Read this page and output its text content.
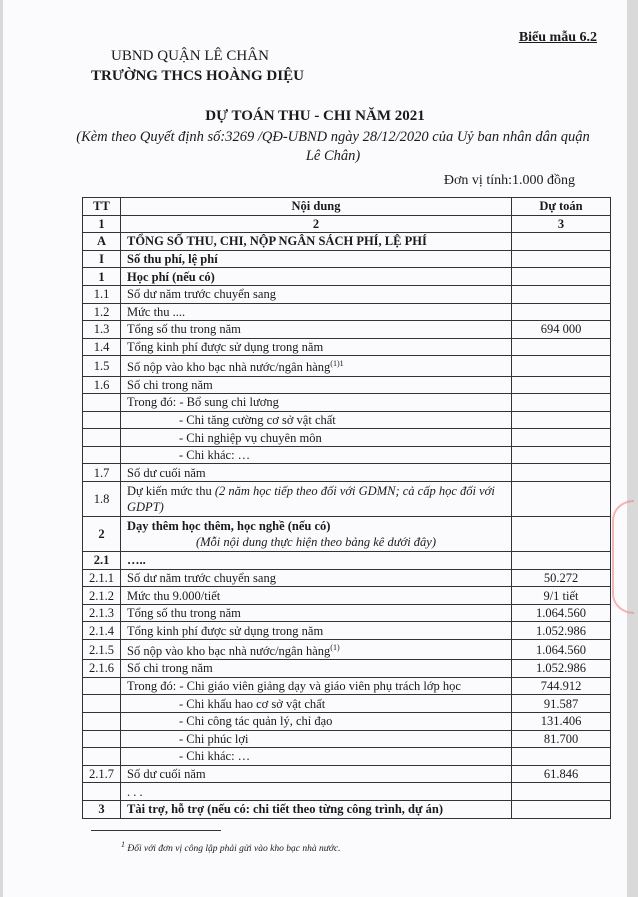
Biểu mẫu 6.2
UBND QUẬN LÊ CHÂN
TRƯỜNG THCS HOÀNG DIỆU
DỰ TOÁN THU - CHI NĂM 2021
(Kèm theo Quyết định số:3269 /QĐ-UBND ngày 28/12/2020 của Uỷ ban nhân dân quận Lê Chân)
Đơn vị tính:1.000 đồng
TT	Nội dung	Dự toán
1	2	3
A	TỔNG SỐ THU, CHI, NỘP NGÂN SÁCH PHÍ, LỆ PHÍ	
I	Số thu phí, lệ phí	
1	Học phí (nếu có)	
1.1	Số dư năm trước chuyển sang	
1.2	Mức thu ....	
1.3	Tổng số thu trong năm	694 000
1.4	Tổng kinh phí được sử dụng trong năm	
1.5	Số nộp vào kho bạc nhà nước/ngân hàng$^{(1)1}$	
1.6	Số chi trong năm	
	Trong đó: - Bổ sung chi lương	
	- Chi tăng cường cơ sở vật chất	
	- Chi nghiệp vụ chuyên môn	
	- Chi khác: …	
1.7	Số dư cuối năm	
1.8	Dự kiến mức thu (2 năm học tiếp theo đối với GDMN; cả cấp học đối với GDPT)	
2	Dạy thêm học thêm, học nghề (nếu có)
(Mỗi nội dung thực hiện theo bảng kê dưới đây)	

2.1	…..	
2.1.1	Số dư năm trước chuyển sang	50.272
2.1.2	Mức thu 9.000/tiết	9/1 tiết
2.1.3	Tổng số thu trong năm	1.064.560
2.1.4	Tổng kinh phí được sử dụng trong năm	1.052.986
2.1.5	Số nộp vào kho bạc nhà nước/ngân hàng$^{(1)}$	1.064.560
2.1.6	Số chi trong năm	1.052.986
	Trong đó: - Chi giáo viên giảng dạy và giáo viên phụ trách lớp học	744.912
	- Chi khấu hao cơ sở vật chất	91.587
	- Chi công tác quản lý, chỉ đạo	131.406
	- Chi phúc lợi	81.700
	- Chi khác: …	
2.1.7	Số dư cuối năm	61.846
	. . .	
3	Tài trợ, hỗ trợ (nếu có: chi tiết theo từng công trình, dự án)	
$^1$ Đối với đơn vị công lập phải gửi vào kho bạc nhà nước.
